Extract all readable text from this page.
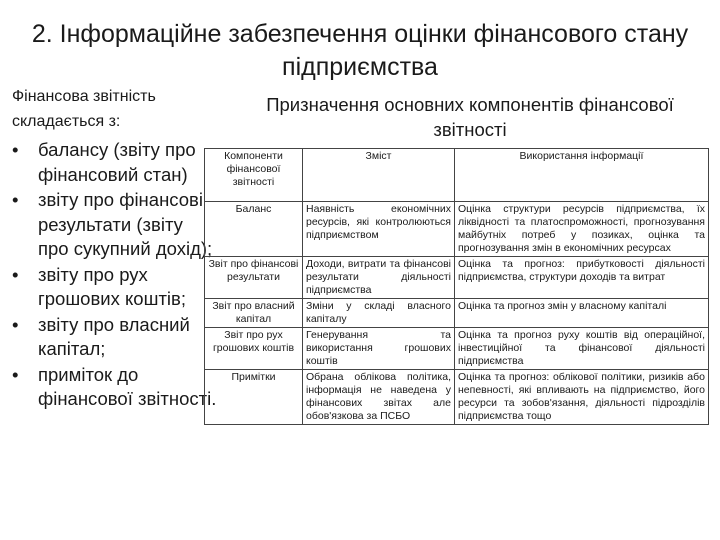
2. Інформаційне забезпечення оцінки фінансового стану підприємства
Фінансова звітність складається з:
• балансу (звіту про фінансовий стан)
• звіту про фінансові результати (звіту про сукупний дохід);
• звіту про рух грошових коштів;
• звіту про власний капітал;
• приміток до фінансової звітності.
Призначення основних компонентів фінансової звітності
Компоненти фінансової звітності	Зміст	Використання інформації
Баланс	Наявність економічних ресурсів, які контролюються підприємством	Оцінка структури ресурсів підприємства, їх ліквідності та платоспроможності, прогнозування майбутніх потреб у позиках, оцінка та прогнозування змін в економічних ресурсах
Звіт про фінансові результати	Доходи, витрати та фінансові результати діяльності підприємства	Оцінка та прогноз: прибутковості діяльності підприємства, структури доходів та витрат
Звіт про власний капітал	Зміни у складі власного капіталу	Оцінка та прогноз змін у власному капіталі
Звіт про рух грошових коштів	Генерування та використання грошових коштів	Оцінка та прогноз руху коштів від операційної, інвестиційної та фінансової діяльності підприємства
Примітки	Обрана облікова політика, інформація не наведена у фінансових звітах але обов'язкова за ПСБО	Оцінка та прогноз: облікової політики, ризиків або непевності, які впливають на підприємство, його ресурси та зобов'язання, діяльності підрозділів підприємства тощо
